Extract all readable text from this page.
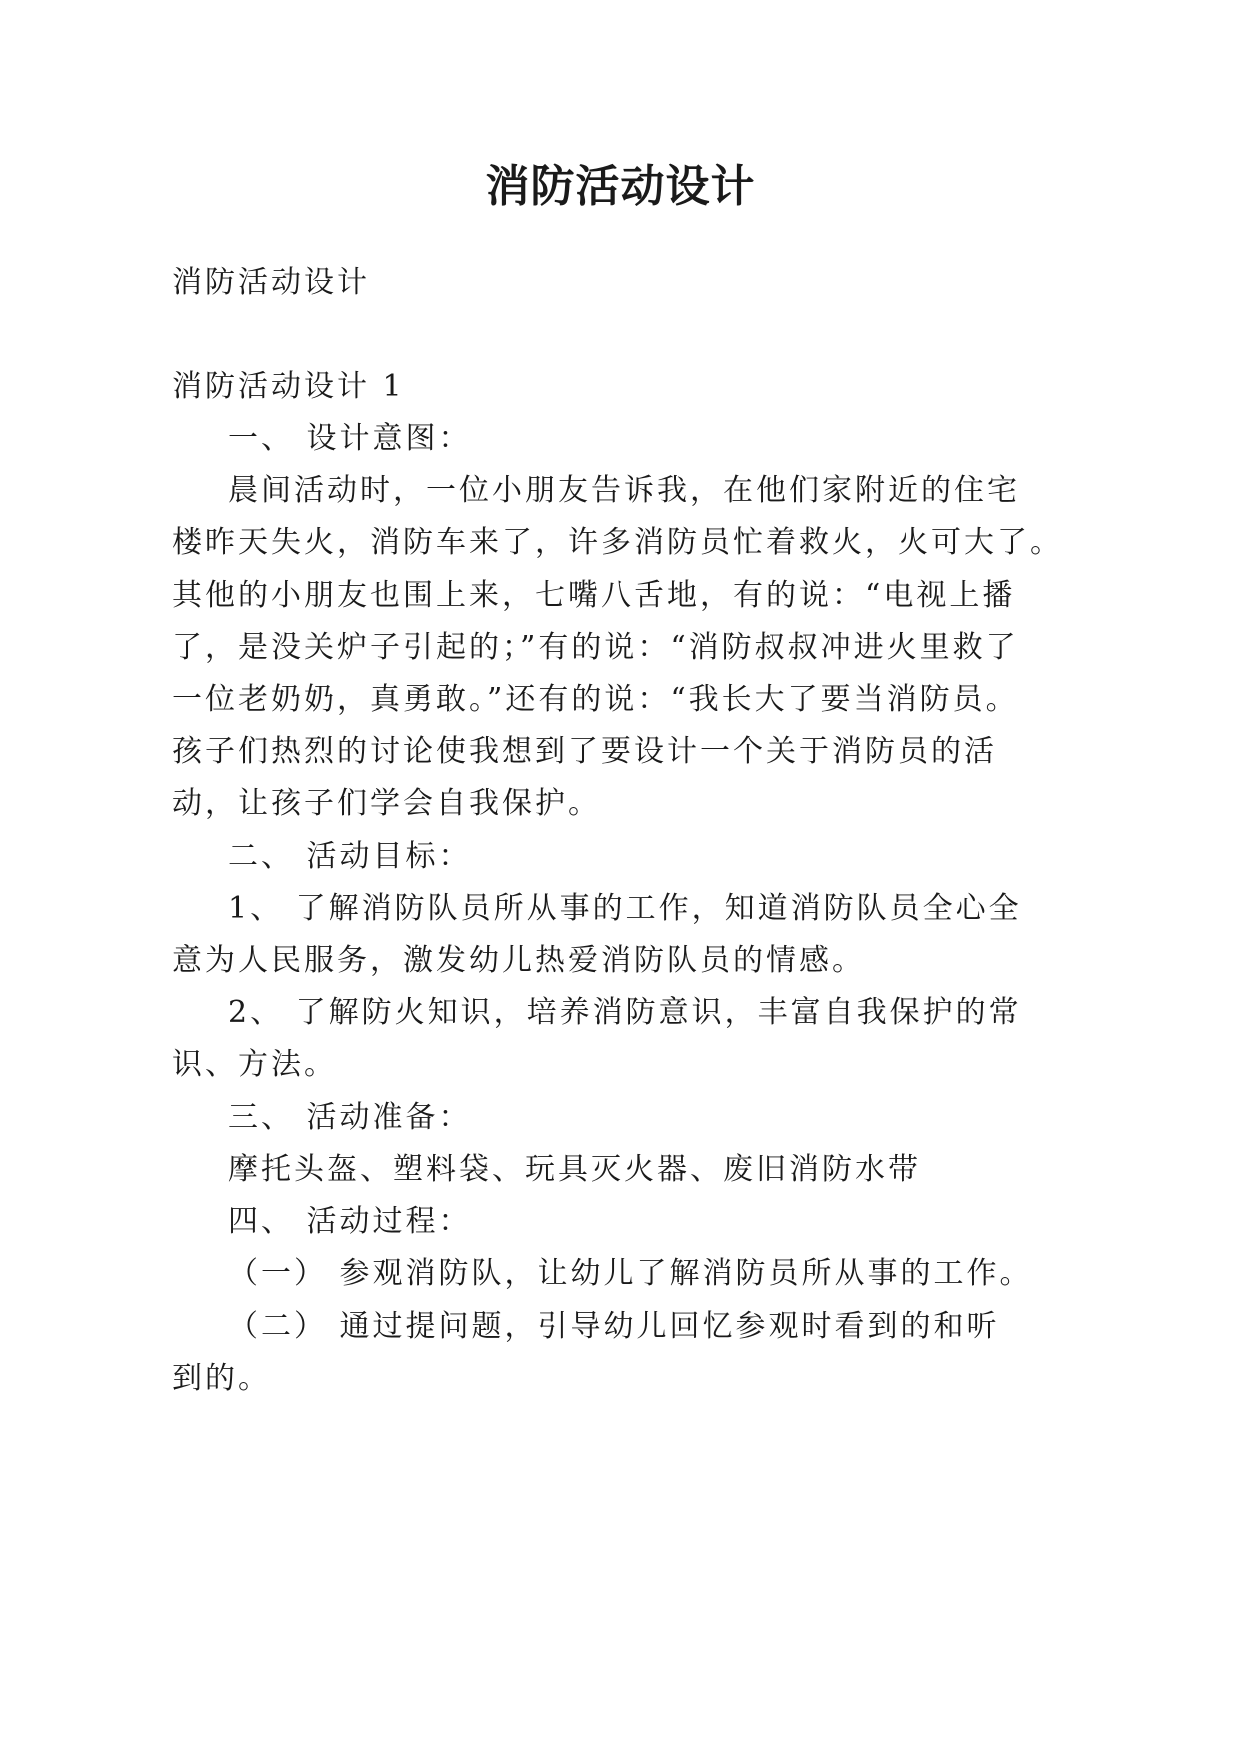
消防活动设计
消防活动设计
消防活动设计 1
一、 设计意图：
晨间活动时，一位小朋友告诉我，在他们家附近的住宅
楼昨天失火，消防车来了，许多消防员忙着救火，火可大了。
其他的小朋友也围上来，七嘴八舌地，有的说：“电视上播
了，是没关炉子引起的；”有的说：“消防叔叔冲进火里救了
一位老奶奶，真勇敢。”还有的说：“我长大了要当消防员。
孩子们热烈的讨论使我想到了要设计一个关于消防员的活
动，让孩子们学会自我保护。
二、 活动目标：
1、 了解消防队员所从事的工作，知道消防队员全心全
意为人民服务，激发幼儿热爱消防队员的情感。
2、 了解防火知识，培养消防意识，丰富自我保护的常
识、方法。
三、 活动准备：
摩托头盔、塑料袋、玩具灭火器、废旧消防水带
四、 活动过程：
（一） 参观消防队，让幼儿了解消防员所从事的工作。
（二） 通过提问题，引导幼儿回忆参观时看到的和听
到的。
